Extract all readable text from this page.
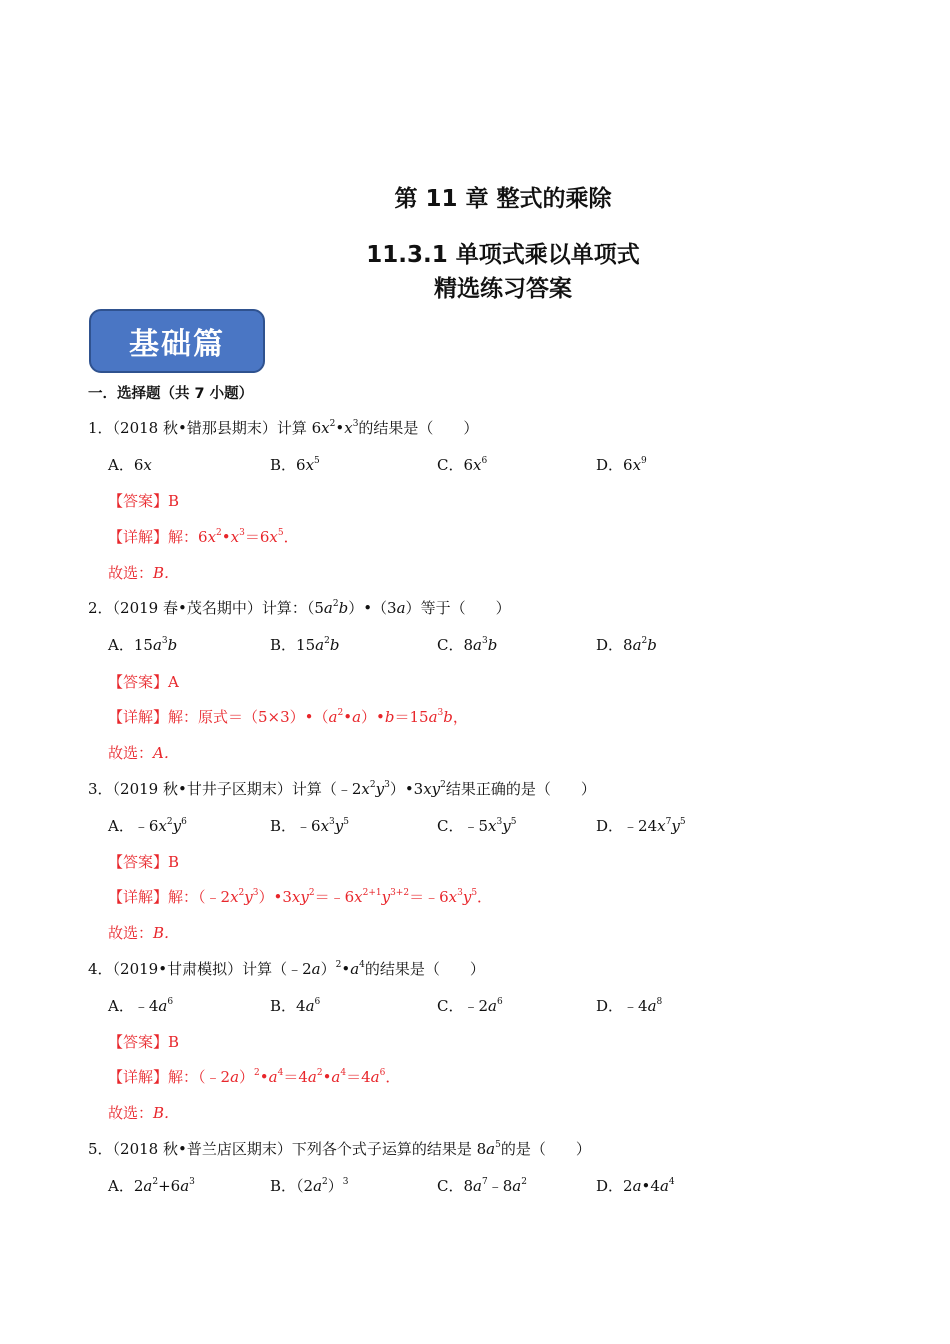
第 11 章 整式的乘除
11.3.1 单项式乘以单项式
精选练习答案
基础篇
一．选择题（共 7 小题）
1．（2018 秋•错那县期末）计算 $6x^2•x^3$的结果是（　　）
A．6x	B．$6x^5$	C．$6x^6$	D．$6x^9$
【答案】B
【详解】解：$6x^2•x^3=6x^5$．
故选：B．
2．（2019 春•茂名期中）计算：$(5a^2b)•(3a)$等于（　　）
A．$15a^3b$	B．$15a^2b$	C．$8a^3b$	D．$8a^2b$
【答案】A
【详解】解：原式$=(5\times 3)•(a^2•a)•b=15a^3b$，
故选：A．
3．（2019 秋•甘井子区期末）计算$(﹣2x^2y^3)•3xy^2$结果正确的是（　　）
A．$﹣6x^2y^6$	B．$﹣6x^3y^5$	C．$﹣5x^3y^5$	D．$﹣24x^7y^5$
【答案】B
【详解】解：$(﹣2x^2y^3)•3xy^2=﹣6x^{2+1}y^{3+2}=﹣6x^3y^5$．
故选：B．
4．（2019•甘肃模拟）计算$(﹣2a)^2•a^4$的结果是（　　）
A．$﹣4a^6$	B．$4a^6$	C．$﹣2a^6$	D．$﹣4a^8$
【答案】B
【详解】解：$(﹣2a)^2•a^4=4a^2•a^4=4a^6$．
故选：B．
5．（2018 秋•普兰店区期末）下列各个式子运算的结果是 $8a^5$的是（　　）
A．$2a^2+6a^3$	B．$(2a^2)^3$	C．$8a^7﹣8a^2$	D．$2a•4a^4$
